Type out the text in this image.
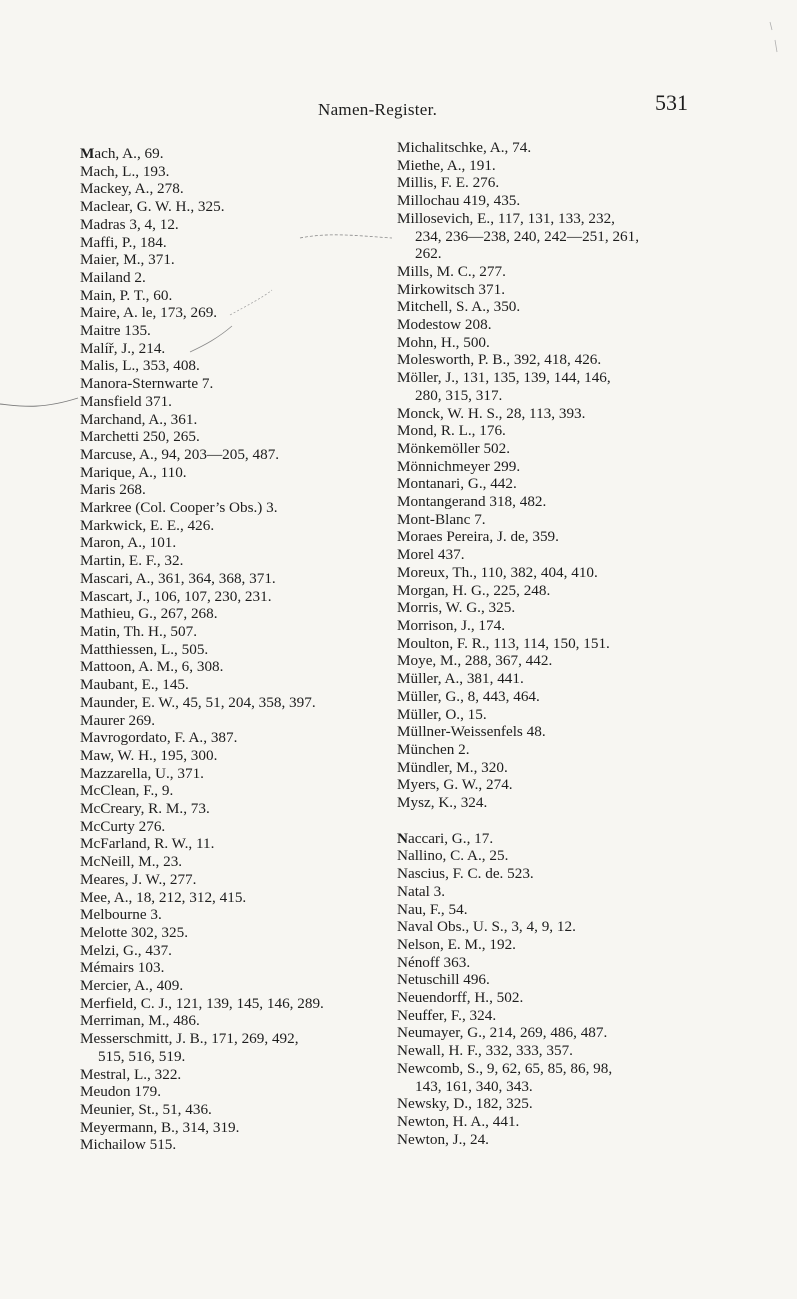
Namen-Register.	531
Mach, A., 69.
Mach, L., 193.
Mackey, A., 278.
Maclear, G. W. H., 325.
Madras 3, 4, 12.
Maffi, P., 184.
Maier, M., 371.
Mailand 2.
Main, P. T., 60.
Maire, A. le, 173, 269.
Maitre 135.
Malíř, J., 214.
Malis, L., 353, 408.
Manora-Sternwarte 7.
Mansfield 371.
Marchand, A., 361.
Marchetti 250, 265.
Marcuse, A., 94, 203—205, 487.
Marique, A., 110.
Maris 268.
Markree (Col. Cooper’s Obs.) 3.
Markwick, E. E., 426.
Maron, A., 101.
Martin, E. F., 32.
Mascari, A., 361, 364, 368, 371.
Mascart, J., 106, 107, 230, 231.
Mathieu, G., 267, 268.
Matin, Th. H., 507.
Matthiessen, L., 505.
Mattoon, A. M., 6, 308.
Maubant, E., 145.
Maunder, E. W., 45, 51, 204, 358, 397.
Maurer 269.
Mavrogordato, F. A., 387.
Maw, W. H., 195, 300.
Mazzarella, U., 371.
McClean, F., 9.
McCreary, R. M., 73.
McCurty 276.
McFarland, R. W., 11.
McNeill, M., 23.
Meares, J. W., 277.
Mee, A., 18, 212, 312, 415.
Melbourne 3.
Melotte 302, 325.
Melzi, G., 437.
Mémairs 103.
Mercier, A., 409.
Merfield, C. J., 121, 139, 145, 146, 289.
Merriman, M., 486.
Messerschmitt, J. B., 171, 269, 492,
515, 516, 519.
Mestral, L., 322.
Meudon 179.
Meunier, St., 51, 436.
Meyermann, B., 314, 319.
Michailow 515.
Michalitschke, A., 74.
Miethe, A., 191.
Millis, F. E. 276.
Millochau 419, 435.
Millosevich, E., 117, 131, 133, 232,
234, 236—238, 240, 242—251, 261,
262.
Mills, M. C., 277.
Mirkowitsch 371.
Mitchell, S. A., 350.
Modestow 208.
Mohn, H., 500.
Molesworth, P. B., 392, 418, 426.
Möller, J., 131, 135, 139, 144, 146,
280, 315, 317.
Monck, W. H. S., 28, 113, 393.
Mond, R. L., 176.
Mönkemöller 502.
Mönnichmeyer 299.
Montanari, G., 442.
Montangerand 318, 482.
Mont-Blanc 7.
Moraes Pereira, J. de, 359.
Morel 437.
Moreux, Th., 110, 382, 404, 410.
Morgan, H. G., 225, 248.
Morris, W. G., 325.
Morrison, J., 174.
Moulton, F. R., 113, 114, 150, 151.
Moye, M., 288, 367, 442.
Müller, A., 381, 441.
Müller, G., 8, 443, 464.
Müller, O., 15.
Müllner-Weissenfels 48.
München 2.
Mündler, M., 320.
Myers, G. W., 274.
Mysz, K., 324.
Naccari, G., 17.
Nallino, C. A., 25.
Nascius, F. C. de. 523.
Natal 3.
Nau, F., 54.
Naval Obs., U. S., 3, 4, 9, 12.
Nelson, E. M., 192.
Nénoff 363.
Netuschill 496.
Neuendorff, H., 502.
Neuffer, F., 324.
Neumayer, G., 214, 269, 486, 487.
Newall, H. F., 332, 333, 357.
Newcomb, S., 9, 62, 65, 85, 86, 98,
143, 161, 340, 343.
Newsky, D., 182, 325.
Newton, H. A., 441.
Newton, J., 24.
